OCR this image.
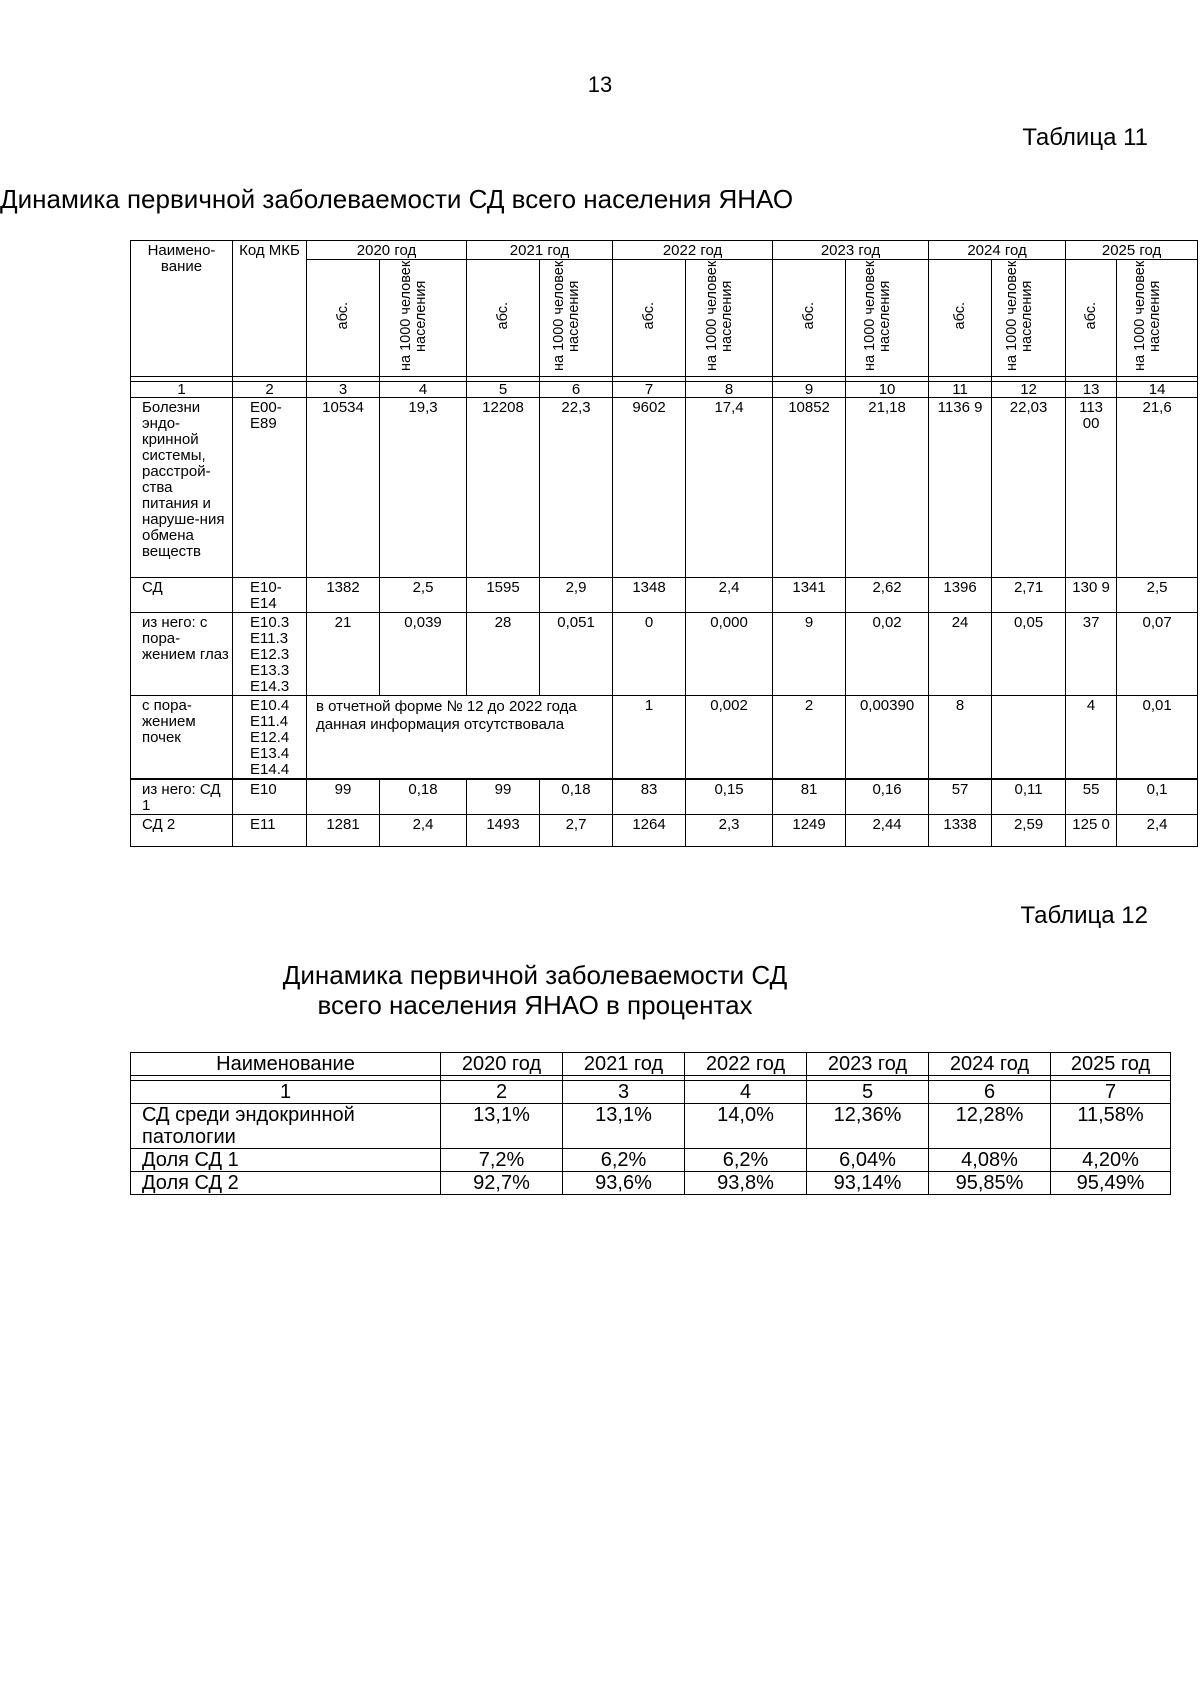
13
Таблица 11
Динамика первичной заболеваемости СД всего населения ЯНАО
Наимено-вание	Код МКБ	2020 год		2021 год		2022 год		2023 год		2024 год		2025 год	
		абс.	на 1000 человек населения	абс.	на 1000 человек населения	абс.	на 1000 человек населения	абс.	на 1000 человек населения	абс.	на 1000 человек населения	абс.	на 1000 человек населения

1	2	3	4	5	6	7	8	9	10	11	12	13	14
Болезни эндо-кринной системы, расстрой-ства питания и наруше-ния обмена веществ	Е00-Е89	10534	19,3	12208	22,3	9602	17,4	10852	21,18	1136 9	22,03	113 00	21,6
СД	Е10-Е14	1382	2,5	1595	2,9	1348	2,4	1341	2,62	1396	2,71	130 9	2,5
из него: с пора-жением глаз	Е10.3 Е11.3 Е12.3 Е13.3 Е14.3	21	0,039	28	0,051	0	0,000	9	0,02	24	0,05	37	0,07
с пора-жением почек	Е10.4 Е11.4 Е12.4 Е13.4 Е14.4	в отчетной форме № 12 до 2022 года данная информация отсутствовала				1	0,002	2	0,00390	8		4	0,01
из него: СД 1	Е10	99	0,18	99	0,18	83	0,15	81	0,16	57	0,11	55	0,1
СД 2	Е11	1281	2,4	1493	2,7	1264	2,3	1249	2,44	1338	2,59	125 0	2,4
Таблица 12
Динамика первичной заболеваемости СД
всего населения ЯНАО в процентах
Наименование	2020 год	2021 год	2022 год	2023 год	2024 год	2025 год

1	2	3	4	5	6	7
СД среди эндокринной патологии	13,1%	13,1%	14,0%	12,36%	12,28%	11,58%
Доля СД 1	7,2%	6,2%	6,2%	6,04%	4,08%	4,20%
Доля СД 2	92,7%	93,6%	93,8%	93,14%	95,85%	95,49%
